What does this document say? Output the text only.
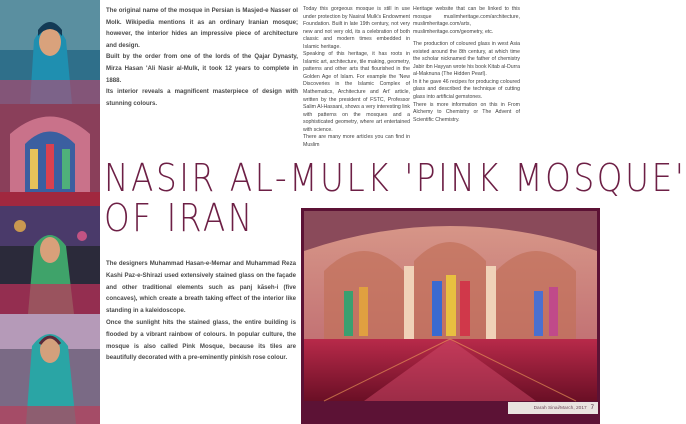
The original name of the mosque in Persian is Masjed-e Nasser ol Molk. Wikipedia mentions it as an ordinary Iranian mosque; however, the interior hides an impressive piece of architecture and design.

Built by the order from one of the lords of the Qajar Dynasty, Mirza Hasan 'Ali Nasir al-Mulk, it took 12 years to complete in 1888.

Its interior reveals a magnificent masterpiece of design with stunning colours.

Today this gorgeous mosque is still in use under protection by Nasiral Mulk's Endowment Foundation. Built in late 19th century, not very new and not very old, its a celebration of both classic and modern times embedded in Islamic heritage.

Speaking of this heritage, it has roots in Islamic art, architecture, tile making, geometry, patterns and other arts that flourished in the Golden Age of Islam. For example the 'New Discoveries in the Islamic Complex of Mathematics, Architecture and Art' article, written by the president of FSTC, Professor Salim Al-Hassani, shows a very interesting link with patterns on the mosques and a sophisticated geometry, where art entertained with science.

There are many more articles you can find in Muslim

Heritage website that can be linked to this mosque muslimheritage.com/architecture, muslimheritage.com/arts, muslimheritage.com/geometry, etc.

The production of coloured glass in west Asia existed around the 8th century, at which time the scholar nicknamed the father of chemistry Jabir ibn Hayyan wrote his book Kitab al-Durra al-Maknuna (The Hidden Pearl).

In it he gave 46 recipes for producing coloured glass and described the technique of cutting glass into artificial gemstones.

There is more information on this in From Alchemy to Chemistry or The Advent of Scientific Chemistry.

NASIR AL-MULK 'PINK MOSQUE'
OF IRAN

The designers Muhammad Hasan-e-Memar and Muhammad Reza Kashi Paz-e-Shirazi used extensively stained glass on the façade and other traditional elements such as panj kāseh-i (five concaves), which create a breath taking effect of the interior like standing in a kaleidoscope.

Once the sunlight hits the stained glass, the entire building is flooded by a vibrant rainbow of colours. In popular culture, the mosque is also called Pink Mosque, because its tiles are beautifully decorated with a pre-eminently pinkish rose colour.

Darah Sinai/March, 2017 7
